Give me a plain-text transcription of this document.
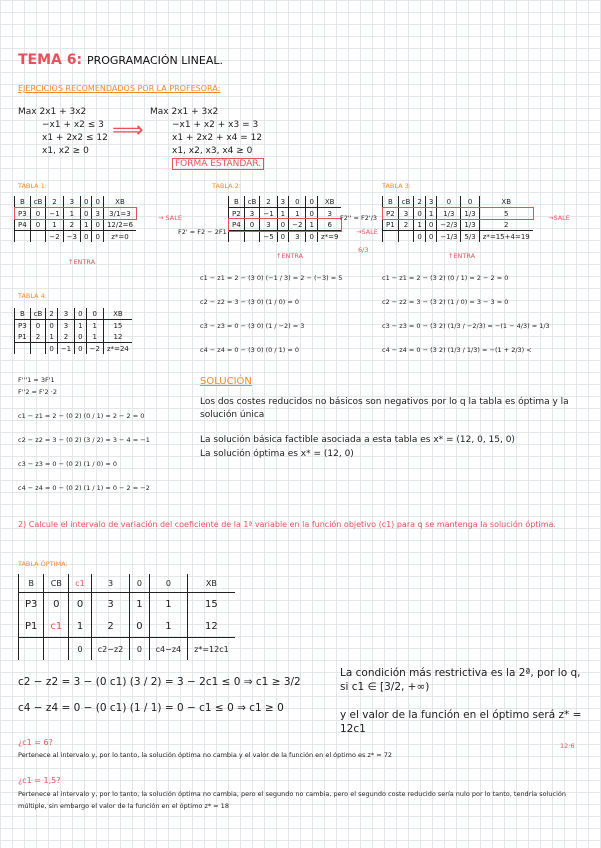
TEMA 6: PROGRAMACIÓN LINEAL.
EJERCICIOS RECOMENDADOS POR LA PROFESORA:
Max 2x1 + 3x2
−x1 + x2 ≤ 3
x1 + 2x2 ≤ 12
x1, x2 ≥ 0
⟹
Max 2x1 + 3x2
−x1 + x2 + x3 = 3
x1 + 2x2 + x4 = 12
x1, x2, x3, x4 ≥ 0
FORMA ESTANDAR.
TABLA 1:
B	cB	2	3	0	0	XB
P3	0	−1	1	0	3	3/1=3
P4	0	1	2	1	0	12/2=6
		−2	−3	0	0	z*=0
→ SALE
↑ENTRA
TABLA 2:
F2' = F2 − 2F1
B	cB	2	3	0	0	XB
P2	3	−1	1	1	0	3
P4	0	3	0	−2	1	6
		−5	0	3	0	z*=9
F2'' = F2'/3
→SALE
6/3
↑ENTRA
TABLA 3:
B	cB	2	3	0	0	XB
P2	3	0	1	1/3	1/3	5
P1	2	1	0	−2/3	1/3	2
		0	0	−1/3	5/3	z*=15+4=19
→SALE
↑ENTRA
c1 − z1 = 2 − (3 0) (−1 / 3) = 2 − (−3) = 5
c2 − z2 = 3 − (3 0) (1 / 0) = 0
c3 − z3 = 0 − (3 0) (1 / −2) = 3
c4 − z4 = 0 − (3 0) (0 / 1) = 0
c1 − z1 = 2 − (3 2) (0 / 1) = 2 − 2 = 0
c2 − z2 = 3 − (3 2) (1 / 0) = 3 − 3 = 0
c3 − z3 = 0 − (3 2) (1/3 / −2/3) = −(1 − 4/3) = 1/3
c4 − z4 = 0 − (3 2) (1/3 / 1/3) = −(1 + 2/3) <
TABLA 4:
B	cB	2	3	0	0	XB
P3	0	0	3	1	1	15
P1	2	1	2	0	1	12
		0	−1	0	−2	z*=24
F'''1 = 3F'1
F''2 = F'2 ·2
c1 − z1 = 2 − (0 2) (0 / 1) = 2 − 2 = 0
c2 − z2 = 3 − (0 2) (3 / 2) = 3 − 4 = −1
c3 − z3 = 0 − (0 2) (1 / 0) = 0
c4 − z4 = 0 − (0 2) (1 / 1) = 0 − 2 = −2
SOLUCIÓN
Los dos costes reducidos no básicos son negativos por lo q la tabla es óptima y la solución única
La solución básica factible asociada a esta tabla es x* = (12, 0, 15, 0)
La solución óptima es x* = (12, 0)
2) Calcule el intervalo de variación del coeficiente de la 1ª variable en la función objetivo (c1) para q se mantenga la solución óptima.
TABLA ÓPTIMA:
B	CB	c1	3	0	0	XB
P3	0	0	3	1	1	15
P1	c1	1	2	0	1	12
		0	c2−z2	0	c4−z4	z*=12c1
c2 − z2 = 3 − (0 c1) (3 / 2) = 3 − 2c1 ≤ 0 ⇒ c1 ≥ 3/2
c4 − z4 = 0 − (0 c1) (1 / 1) = 0 − c1 ≤ 0 ⇒ c1 ≥ 0
La condición más restrictiva es la 2ª, por lo q, si c1 ∈ [3/2, +∞)
y el valor de la función en el óptimo será z* = 12c1
¿c1 = 6?	12·6
Pertenece al intervalo y, por lo tanto, la solución óptima no cambia y el valor de la función en el óptimo es z* = 72
¿c1 = 1,5?
Pertenece al intervalo y, por lo tanto, la solución óptima no cambia, pero el segundo no cambia, pero el segundo coste reducido sería nulo por lo tanto, tendría solución múltiple, sin embargo el valor de la función en el óptimo z* = 18
